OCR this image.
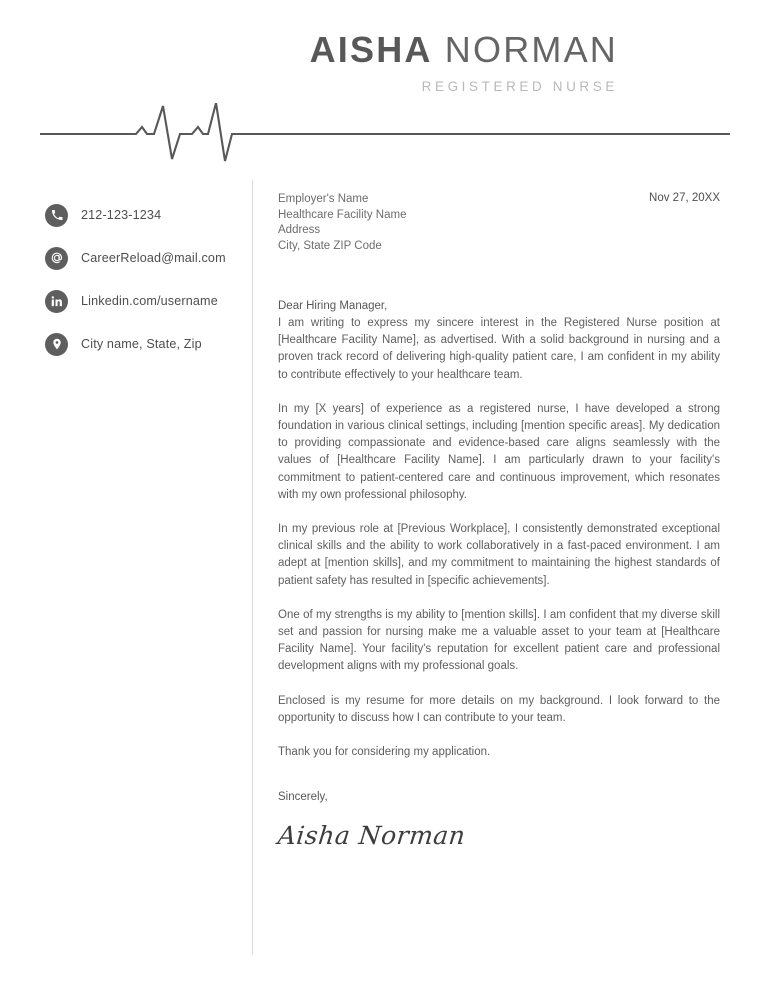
AISHA NORMAN
REGISTERED NURSE
212-123-1234
CareerReload@mail.com
Linkedin.com/username
City name, State, Zip
Employer's Name
Healthcare Facility Name
Address
City, State ZIP Code
Nov 27, 20XX
Dear Hiring Manager,
I am writing to express my sincere interest in the Registered Nurse position at [Healthcare Facility Name], as advertised. With a solid background in nursing and a proven track record of delivering high-quality patient care, I am confident in my ability to contribute effectively to your healthcare team.
In my [X years] of experience as a registered nurse, I have developed a strong foundation in various clinical settings, including [mention specific areas]. My dedication to providing compassionate and evidence-based care aligns seamlessly with the values of [Healthcare Facility Name]. I am particularly drawn to your facility's commitment to patient-centered care and continuous improvement, which resonates with my own professional philosophy.
In my previous role at [Previous Workplace], I consistently demonstrated exceptional clinical skills and the ability to work collaboratively in a fast-paced environment. I am adept at [mention skills], and my commitment to maintaining the highest standards of patient safety has resulted in [specific achievements].
One of my strengths is my ability to [mention skills]. I am confident that my diverse skill set and passion for nursing make me a valuable asset to your team at [Healthcare Facility Name]. Your facility's reputation for excellent patient care and professional development aligns with my professional goals.
Enclosed is my resume for more details on my background. I look forward to the opportunity to discuss how I can contribute to your team.
Thank you for considering my application.
Sincerely,
Aisha Norman
